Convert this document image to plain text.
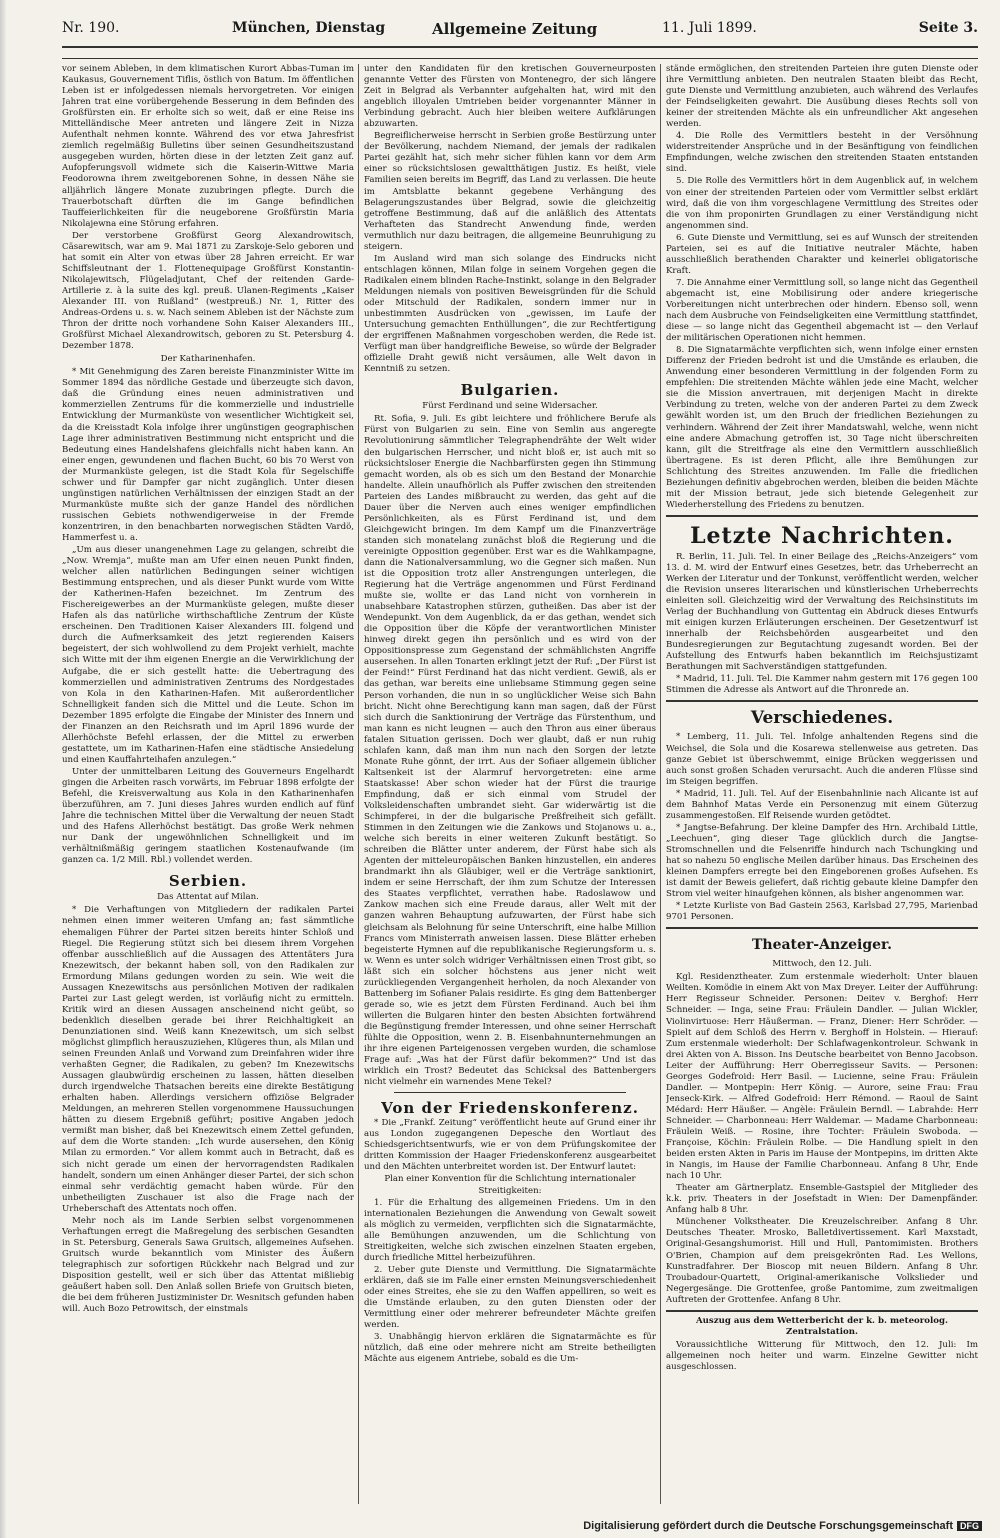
Nr. 190.	München, Dienstag	Allgemeine Zeitung	11. Juli 1899.	Seite 3.

vor seinem Ableben, in dem klimatischen Kurort Abbas-Tuman im Kaukasus, Gouvernement Tiflis, östlich von Batum. Im öffentlichen Leben ist er infolgedessen niemals hervorgetreten. Vor einigen Jahren trat eine vorübergehende Besserung in dem Befinden des Großfürsten ein. Er erholte sich so weit, daß er eine Reise ins Mittelländische Meer antreten und längere Zeit in Nizza Aufenthalt nehmen konnte. Während des vor etwa Jahresfrist ziemlich regelmäßig Bulletins über seinen Gesundheitszustand ausgegeben wurden, hörten diese in der letzten Zeit ganz auf. Aufopferungsvoll widmete sich die Kaiserin-Wittwe Maria Feodorowna ihrem zweitgeborenen Sohne, in dessen Nähe sie alljährlich längere Monate zuzubringen pflegte. Durch die Trauerbotschaft dürften die im Gange befindlichen Tauffeierlichkeiten für die neugeborene Großfürstin Maria Nikolajewna eine Störung erfahren.

Der verstorbene Großfürst Georg Alexandrowitsch, Cäsarewitsch, war am 9. Mai 1871 zu Zarskoje-Selo geboren und hat somit ein Alter von etwas über 28 Jahren erreicht. Er war Schiffsleutnant der 1. Flottenequipage Großfürst Konstantin-Nikolajewitsch, Flügeladjutant, Chef der reitenden Garde-Artillerie z. à la suite des kgl. preuß. Ulanen-Regiments „Kaiser Alexander III. von Rußland“ (westpreuß.) Nr. 1, Ritter des Andreas-Ordens u. s. w. Nach seinem Ableben ist der Nächste zum Thron der dritte noch vorhandene Sohn Kaiser Alexanders III., Großfürst Michael Alexandrowitsch, geboren zu St. Petersburg 4. Dezember 1878.

Der Katharinenhafen.

* Mit Genehmigung des Zaren bereiste Finanzminister Witte im Sommer 1894 das nördliche Gestade und überzeugte sich davon, daß die Gründung eines neuen administrativen und kommerziellen Zentrums für die kommerzielle und industrielle Entwicklung der Murmanküste von wesentlicher Wichtigkeit sei, da die Kreisstadt Kola infolge ihrer ungünstigen geographischen Lage ihrer administrativen Bestimmung nicht entspricht und die Bedeutung eines Handelshafens gleichfalls nicht haben kann. An einer engen, gewundenen und flachen Bucht, 60 bis 70 Werst von der Murmanküste gelegen, ist die Stadt Kola für Segelschiffe schwer und für Dampfer gar nicht zugänglich. Unter diesen ungünstigen natürlichen Verhältnissen der einzigen Stadt an der Murmanküste mußte sich der ganze Handel des nördlichen russischen Gebiets nothwendigerweise in der Fremde konzentriren, in den benachbarten norwegischen Städten Vardö, Hammerfest u. a.

„Um aus dieser unangenehmen Lage zu gelangen, schreibt die „Now. Wremja“, mußte man am Ufer einen neuen Punkt finden, welcher allen natürlichen Bedingungen seiner wichtigen Bestimmung entsprechen, und als dieser Punkt wurde vom Witte der Katherinen-Hafen bezeichnet. Im Zentrum des Fischereigewerbes an der Murmanküste gelegen, mußte dieser Hafen als das natürliche wirthschaftliche Zentrum der Küste erscheinen. Den Traditionen Kaiser Alexanders III. folgend und durch die Aufmerksamkeit des jetzt regierenden Kaisers begeistert, der sich wohlwollend zu dem Projekt verhielt, machte sich Witte mit der ihm eigenen Energie an die Verwirklichung der Aufgabe, die er sich gestellt hatte: die Uebertragung des kommerziellen und administrativen Zentrums des Nordgestades von Kola in den Katharinen-Hafen. Mit außerordentlicher Schnelligkeit fanden sich die Mittel und die Leute. Schon im Dezember 1895 erfolgte die Eingabe der Minister des Innern und der Finanzen an den Reichsrath und im April 1896 wurde der Allerhöchste Befehl erlassen, der die Mittel zu erwerben gestattete, um im Katharinen-Hafen eine städtische Ansiedelung und einen Kauffahrteihafen anzulegen.“

Unter der unmittelbaren Leitung des Gouverneurs Engelhardt gingen die Arbeiten rasch vorwärts, im Februar 1898 erfolgte der Befehl, die Kreisverwaltung aus Kola in den Katharinenhafen überzuführen, am 7. Juni dieses Jahres wurden endlich auf fünf Jahre die technischen Mittel über die Verwaltung der neuen Stadt und des Hafens Allerhöchst bestätigt. Das große Werk nehmen nur Dank der ungewöhnlichen Schnelligkeit und im verhältnißmäßig geringem staatlichen Kostenaufwande (im ganzen ca. 1/2 Mill. Rbl.) vollendet werden.

Serbien.
Das Attentat auf Milan.

* Die Verhaftungen von Mitgliedern der radikalen Partei nehmen einen immer weiteren Umfang an; fast sämmtliche ehemaligen Führer der Partei sitzen bereits hinter Schloß und Riegel. Die Regierung stützt sich bei diesem ihrem Vorgehen offenbar ausschließlich auf die Aussagen des Attentäters Jura Knezewitsch, der bekannt haben soll, von den Radikalen zur Ermordung Milans gedungen worden zu sein. Wie weit die Aussagen Knezewitschs aus persönlichen Motiven der radikalen Partei zur Last gelegt werden, ist vorläufig nicht zu ermitteln. Kritik wird an diesen Aussagen anscheinend nicht geübt, so bedenklich dieselben gerade bei ihrer Reichhaltigkeit an Denunziationen sind. Weiß kann Knezewitsch, um sich selbst möglichst glimpflich herauszuziehen, Klügeres thun, als Milan und seinen Freunden Anlaß und Vorwand zum Dreinfahren wider ihre verhaßten Gegner, die Radikalen, zu geben? Im Knezewitschs Aussagen glaubwürdig erscheinen zu lassen, hätten dieselben durch irgendwelche Thatsachen bereits eine direkte Bestätigung erhalten haben. Allerdings versichern offiziöse Belgrader Meldungen, an mehreren Stellen vorgenommene Haussuchungen hätten zu diesem Ergebniß geführt; positive Angaben jedoch vermißt man bisher, daß bei Knezewitsch einem Zettel gefunden, auf dem die Worte standen: „Ich wurde ausersehen, den König Milan zu ermorden.“ Vor allem kommt auch in Betracht, daß es sich nicht gerade um einen der hervorragendsten Radikalen handelt, sondern um einen Anhänger dieser Partei, der sich schon einmal sehr verdächtig gemacht haben würde. Für den unbetheiligten Zuschauer ist also die Frage nach der Urheberschaft des Attentats noch offen.

Mehr noch als im Lande Serbien selbst vorgenommenen Verhaftungen erregt die Maßregelung des serbischen Gesandten in St. Petersburg, Generals Sawa Gruitsch, allgemeines Aufsehen. Gruitsch wurde bekanntlich vom Minister des Äußern telegraphisch zur sofortigen Rückkehr nach Belgrad und zur Disposition gestellt, weil er sich über das Attentat mißliebig geäußert haben soll. Den Anlaß sollen Briefe von Gruitsch bieten, die bei dem früheren Justizminister Dr. Wesnitsch gefunden haben will. Auch Bozo Petrowitsch, der einstmals

unter den Kandidaten für den kretischen Gouverneurposten genannte Vetter des Fürsten von Montenegro, der sich längere Zeit in Belgrad als Verbannter aufgehalten hat, wird mit den angeblich illoyalen Umtrieben beider vorgenannter Männer in Verbindung gebracht. Auch hier bleiben weitere Aufklärungen abzuwarten.

Begreiflicherweise herrscht in Serbien große Bestürzung unter der Bevölkerung, nachdem Niemand, der jemals der radikalen Partei gezählt hat, sich mehr sicher fühlen kann vor dem Arm einer so rücksichtslosen gewaltthätigen Justiz. Es heißt, viele Familien seien bereits im Begriff, das Land zu verlassen. Die heute im Amtsblatte bekannt gegebene Verhängung des Belagerungszustandes über Belgrad, sowie die gleichzeitig getroffene Bestimmung, daß auf die anläßlich des Attentats Verhafteten das Standrecht Anwendung finde, werden vermuthlich nur dazu beitragen, die allgemeine Beunruhigung zu steigern.

Im Ausland wird man sich solange des Eindrucks nicht entschlagen können, Milan folge in seinem Vorgehen gegen die Radikalen einem blinden Rache-Instinkt, solange in den Belgrader Meldungen niemals von positiven Beweisgründen für die Schuld oder Mitschuld der Radikalen, sondern immer nur in unbestimmten Ausdrücken von „gewissen, im Laufe der Untersuchung gemachten Enthüllungen“, die zur Rechtfertigung der ergriffenen Maßnahmen vorgeschoben werden, die Rede ist. Verfügt man über handgreifliche Beweise, so würde der Belgrader offizielle Draht gewiß nicht versäumen, alle Welt davon in Kenntniß zu setzen.

Bulgarien.
Fürst Ferdinand und seine Widersacher.

Rt. Sofia, 9. Juli. Es gibt leichtere und fröhlichere Berufe als Fürst von Bulgarien zu sein. Eine von Semlin aus angeregte Revolutionirung sämmtlicher Telegraphendrähte der Welt wider den bulgarischen Herrscher, und nicht bloß er, ist auch mit so rücksichtsloser Energie die Nachbarfürsten gegen ihn Stimmung gemacht worden, als ob es sich um den Bestand der Monarchie handelte. Allein unaufhörlich als Puffer zwischen den streitenden Parteien des Landes mißbraucht zu werden, das geht auf die Dauer über die Nerven auch eines weniger empfindlichen Persönlichkeiten, als es Fürst Ferdinand ist, und dem Gleichgewicht bringen. Im dem Kampf um die Finanzverträge standen sich monatelang zunächst bloß die Regierung und die vereinigte Opposition gegenüber. Erst war es die Wahlkampagne, dann die Nationalversammlung, wo die Gegner sich maßen. Nun ist die Opposition trotz aller Anstrengungen unterlegen, die Regierung hat die Verträge angenommen und Fürst Ferdinand mußte sie, wollte er das Land nicht von vornherein in unabsehbare Katastrophen stürzen, gutheißen. Das aber ist der Wendepunkt. Von dem Augenblick, da er das gethan, wendet sich die Opposition über die Köpfe der verantwortlichen Minister hinweg direkt gegen ihn persönlich und es wird von der Oppositionspresse zum Gegenstand der schmählichsten Angriffe ausersehen. In allen Tonarten erklingt jetzt der Ruf: „Der Fürst ist der Feind!“ Fürst Ferdinand hat das nicht verdient. Gewiß, als er das gethan, war bereits eine unliebsame Stimmung gegen seine Person vorhanden, die nun in so unglücklicher Weise sich Bahn bricht. Nicht ohne Berechtigung kann man sagen, daß der Fürst sich durch die Sanktionirung der Verträge das Fürstenthum, und man kann es nicht leugnen — auch den Thron aus einer überaus fatalen Situation gerissen. Doch wer glaubt, daß er nun ruhig schlafen kann, daß man ihm nun nach den Sorgen der letzte Monate Ruhe gönnt, der irrt. Aus der Sofiaer allgemein üblicher Kaltsenkeit ist der Alarmruf hervorgetreten: eine arme Staatskasse! Aber schon wieder hat der Fürst die traurige Empfindung, daß er sich einmal vom Strudel der Volksleidenschaften umbrandet sieht. Gar widerwärtig ist die Schimpferei, in der die bulgarische Preßfreiheit sich gefällt. Stimmen in den Zeitungen wie die Zankows und Stojanows u. a., welche sich bereits in einer weiteren Zukunft bestätigt. So schreiben die Blätter unter anderem, der Fürst habe sich als Agenten der mitteleuropäischen Banken hinzustellen, ein anderes brandmarkt ihn als Gläubiger, weil er die Verträge sanktionirt, indem er seine Herrschaft, der ihm zum Schutze der Interessen des Staates verpflichtet, verrathen habe. Radoslawow und Zankow machen sich eine Freude daraus, aller Welt mit der ganzen wahren Behauptung aufzuwarten, der Fürst habe sich gleichsam als Belohnung für seine Unterschrift, eine halbe Million Francs vom Ministerrath anweisen lassen. Diese Blätter erheben begeisterte Hymnen auf die republikanische Regierungsform u. s. w. Wenn es unter solch widriger Verhältnissen einen Trost gibt, so läßt sich ein solcher höchstens aus jener nicht weit zurückliegenden Vergangenheit herholen, da noch Alexander von Battenberg im Sofianer Palais residirte. Es ging dem Battenberger gerade so, wie es jetzt dem Fürsten Ferdinand. Auch bei ihm willerten die Bulgaren hinter den besten Absichten fortwährend die Begünstigung fremder Interessen, und ohne seiner Herrschaft fühlte die Opposition, wenn 2. B. Eisenbahnunternehmungen an ihr ihre eigenen Parteigenossen vergeben wurden, die schamlose Frage auf: „Was hat der Fürst dafür bekommen?“ Und ist das wirklich ein Trost? Bedeutet das Schicksal des Battenbergers nicht vielmehr ein warnendes Mene Tekel?

Von der Friedenskonferenz.

* Die „Frankf. Zeitung“ veröffentlicht heute auf Grund einer ihr aus London zugegangenen Depesche den Wortlaut des Schiedsgerichtsentwurfs, wie er von dem Prüfungskomitee der dritten Kommission der Haager Friedenskonferenz ausgearbeitet und den Mächten unterbreitet worden ist. Der Entwurf lautet:

Plan einer Konvention für die Schlichtung internationaler Streitigkeiten:

1. Für die Erhaltung des allgemeinen Friedens. Um in den internationalen Beziehungen die Anwendung von Gewalt soweit als möglich zu vermeiden, verpflichten sich die Signatarmächte, alle Bemühungen anzuwenden, um die Schlichtung von Streitigkeiten, welche sich zwischen einzelnen Staaten ergeben, durch friedliche Mittel herbeizuführen.

2. Ueber gute Dienste und Vermittlung. Die Signatarmächte erklären, daß sie im Falle einer ernsten Meinungsverschiedenheit oder eines Streites, ehe sie zu den Waffen appelliren, so weit es die Umstände erlauben, zu den guten Diensten oder der Vermittlung einer oder mehrerer befreundeter Mächte greifen werden.

3. Unabhängig hiervon erklären die Signatarmächte es für nützlich, daß eine oder mehrere nicht am Streite betheiligten Mächte aus eigenem Antriebe, sobald es die Um-

stände ermöglichen, den streitenden Parteien ihre guten Dienste oder ihre Vermittlung anbieten. Den neutralen Staaten bleibt das Recht, gute Dienste und Vermittlung anzubieten, auch während des Verlaufes der Feindseligkeiten gewahrt. Die Ausübung dieses Rechts soll von keiner der streitenden Mächte als ein unfreundlicher Akt angesehen werden.

4. Die Rolle des Vermittlers besteht in der Versöhnung widerstreitender Ansprüche und in der Besänftigung von feindlichen Empfindungen, welche zwischen den streitenden Staaten entstanden sind.

5. Die Rolle des Vermittlers hört in dem Augenblick auf, in welchem von einer der streitenden Parteien oder vom Vermittler selbst erklärt wird, daß die von ihm vorgeschlagene Vermittlung des Streites oder die von ihm proponirten Grundlagen zu einer Verständigung nicht angenommen sind.

6. Gute Dienste und Vermittlung, sei es auf Wunsch der streitenden Parteien, sei es auf die Initiative neutraler Mächte, haben ausschließlich berathenden Charakter und keinerlei obligatorische Kraft.

7. Die Annahme einer Vermittlung soll, so lange nicht das Gegentheil abgemacht ist, eine Mobilisirung oder andere kriegerische Vorbereitungen nicht unterbrechen oder hindern. Ebenso soll, wenn nach dem Ausbruche von Feindseligkeiten eine Vermittlung stattfindet, diese — so lange nicht das Gegentheil abgemacht ist — den Verlauf der militärischen Operationen nicht hemmen.

8. Die Signatarmächte verpflichten sich, wenn infolge einer ernsten Differenz der Frieden bedroht ist und die Umstände es erlauben, die Anwendung einer besonderen Vermittlung in der folgenden Form zu empfehlen: Die streitenden Mächte wählen jede eine Macht, welcher sie die Mission anvertrauen, mit derjenigen Macht in direkte Verbindung zu treten, welche von der anderen Partei zu dem Zweck gewählt worden ist, um den Bruch der friedlichen Beziehungen zu verhindern. Während der Zeit ihrer Mandatswahl, welche, wenn nicht eine andere Abmachung getroffen ist, 30 Tage nicht überschreiten kann, gilt die Streitfrage als eine den Vermittlern ausschließlich übertragene. Es ist deren Pflicht, alle ihre Bemühungen zur Schlichtung des Streites anzuwenden. Im Falle die friedlichen Beziehungen definitiv abgebrochen werden, bleiben die beiden Mächte mit der Mission betraut, jede sich bietende Gelegenheit zur Wiederherstellung des Friedens zu benutzen.

Letzte Nachrichten.

R. Berlin, 11. Juli. Tel. In einer Beilage des „Reichs-Anzeigers“ vom 13. d. M. wird der Entwurf eines Gesetzes, betr. das Urheberrecht an Werken der Literatur und der Tonkunst, veröffentlicht werden, welcher die Revision unseres literarischen und künstlerischen Urheberrechts einleiten soll. Gleichzeitig wird der Verwaltung des Reichsinstituts im Verlag der Buchhandlung von Guttentag ein Abdruck dieses Entwurfs mit einigen kurzen Erläuterungen erscheinen. Der Gesetzentwurf ist innerhalb der Reichsbehörden ausgearbeitet und den Bundesregierungen zur Begutachtung zugesandt worden. Bei der Aufstellung des Entwurfs haben bekanntlich im Reichsjustizamt Berathungen mit Sachverständigen stattgefunden.

* Madrid, 11. Juli. Tel. Die Kammer nahm gestern mit 176 gegen 100 Stimmen die Adresse als Antwort auf die Thronrede an.

Verschiedenes.

* Lemberg, 11. Juli. Tel. Infolge anhaltenden Regens sind die Weichsel, die Sola und die Kosarewa stellenweise aus getreten. Das ganze Gebiet ist überschwemmt, einige Brücken weggerissen und auch sonst großen Schaden verursacht. Auch die anderen Flüsse sind im Steigen begriffen.

* Madrid, 11. Juli. Tel. Auf der Eisenbahnlinie nach Alicante ist auf dem Bahnhof Matas Verde ein Personenzug mit einem Güterzug zusammengestoßen. Elf Reisende wurden getödtet.

* Jangtse-Befahrung. Der kleine Dampfer des Hrn. Archibald Little, „Leechuen“, ging dieser Tage glücklich durch die Jangtse-Stromschnellen und die Felsenriffe hindurch nach Tschungking und hat so nahezu 50 englische Meilen darüber hinaus. Das Erscheinen des kleinen Dampfers erregte bei den Eingeborenen großes Aufsehen. Es ist damit der Beweis geliefert, daß richtig gebaute kleine Dampfer den Strom viel weiter hinaufgehen können, als bisher angenommen war.

* Letzte Kurliste von Bad Gastein 2563, Karlsbad 27,795, Marienbad 9701 Personen.

Theater-Anzeiger.
Mittwoch, den 12. Juli.

Kgl. Residenztheater. Zum erstenmale wiederholt: Unter blauen Weilten. Komödie in einem Akt von Max Dreyer. Leiter der Aufführung: Herr Regisseur Schneider. Personen: Deitev v. Berghof: Herr Schneider. — Inga, seine Frau: Fräulein Dandler. — Julian Wickler, Violinvirtuose: Herr Häußerman. — Franz, Diener: Herr Schröder. — Spielt auf dem Schloß des Herrn v. Berghoff in Holstein. — Hierauf: Zum erstenmale wiederholt: Der Schlafwagenkontroleur. Schwank in drei Akten von A. Bisson. Ins Deutsche bearbeitet von Benno Jacobson. Leiter der Aufführung: Herr Oberregisseur Savits. — Personen: Georges Godefroid: Herr Basil. — Lucienne, seine Frau: Fräulein Dandler. — Montpepin: Herr König. — Aurore, seine Frau: Frau Jenseck-Kirk. — Alfred Godefroid: Herr Rémond. — Raoul de Saint Médard: Herr Häußer. — Angèle: Fräulein Berndl. — Labrahde: Herr Schneider. — Charbonneau: Herr Waldemar. — Madame Charbonneau: Fräulein Weiß. — Rosine, ihre Tochter: Fräulein Swoboda. — Françoise, Köchin: Fräulein Rolbe. — Die Handlung spielt in den beiden ersten Akten in Paris im Hause der Montpepins, im dritten Akte in Nangis, im Hause der Familie Charbonneau. Anfang 8 Uhr, Ende nach 10 Uhr.

Theater am Gärtnerplatz. Ensemble-Gastspiel der Mitglieder des k.k. priv. Theaters in der Josefstadt in Wien: Der Damenpfänder. Anfang halb 8 Uhr.

Münchener Volkstheater. Die Kreuzelschreiber. Anfang 8 Uhr. Deutsches Theater. Mrosko, Balletdivertissement. Karl Maxstadt, Original-Gesangshumorist. Hill und Hull, Pantomimisten. Brothers O'Brien, Champion auf dem preisgekrönten Rad. Les Wellons, Kunstradfahrer. Der Bioscop mit neuen Bildern. Anfang 8 Uhr. Troubadour-Quartett, Original-amerikanische Volkslieder und Negergesänge. Die Grottenfee, große Pantomime, zum zweitmaligen Auftreten der Grottenfee. Anfang 8 Uhr.

Auszug aus dem Wetterbericht der k. b. meteorolog. Zentralstation.

Voraussichtliche Witterung für Mittwoch, den 12. Juli: Im allgemeinen noch heiter und warm. Einzelne Gewitter nicht ausgeschlossen.

Digitalisierung gefördert durch die Deutsche Forschungsgemeinschaft DFG
